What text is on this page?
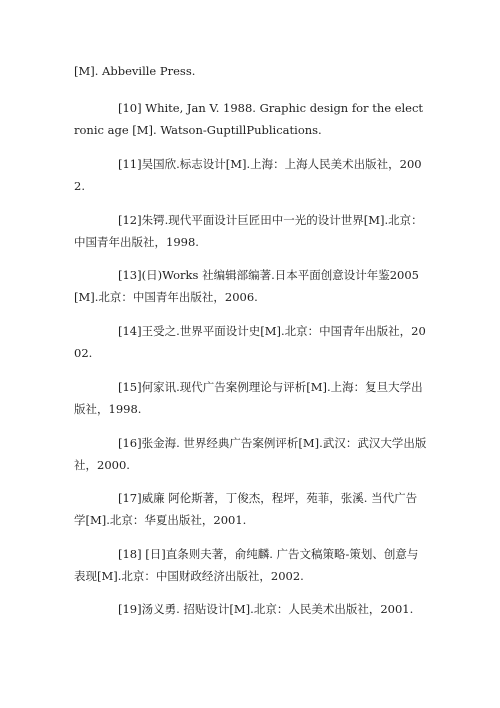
[M]. Abbeville Press.

[10] White, Jan V. 1988. Graphic design for the electronic age [M]. Watson-GuptillPublications.

[11]吴国欣.标志设计[M].上海：上海人民美术出版社，2002.

[12]朱锷.现代平面设计巨匠田中一光的设计世界[M].北京：中国青年出版社，1998.

[13](日)Works 社编辑部编著.日本平面创意设计年鉴2005[M].北京：中国青年出版社，2006.

[14]王受之.世界平面设计史[M].北京：中国青年出版社，2002.

[15]何家讯.现代广告案例理论与评析[M].上海：复旦大学出版社，1998.

[16]张金海. 世界经典广告案例评析[M].武汉：武汉大学出版社，2000.

[17]威廉 阿伦斯著，丁俊杰，程坪，苑菲，张溪. 当代广告学[M].北京：华夏出版社，2001.

[18] [日]直条则夫著，俞纯麟. 广告文稿策略-策划、创意与表现[M].北京：中国财政经济出版社，2002.

[19]汤义勇. 招贴设计[M].北京：人民美术出版社，2001.
